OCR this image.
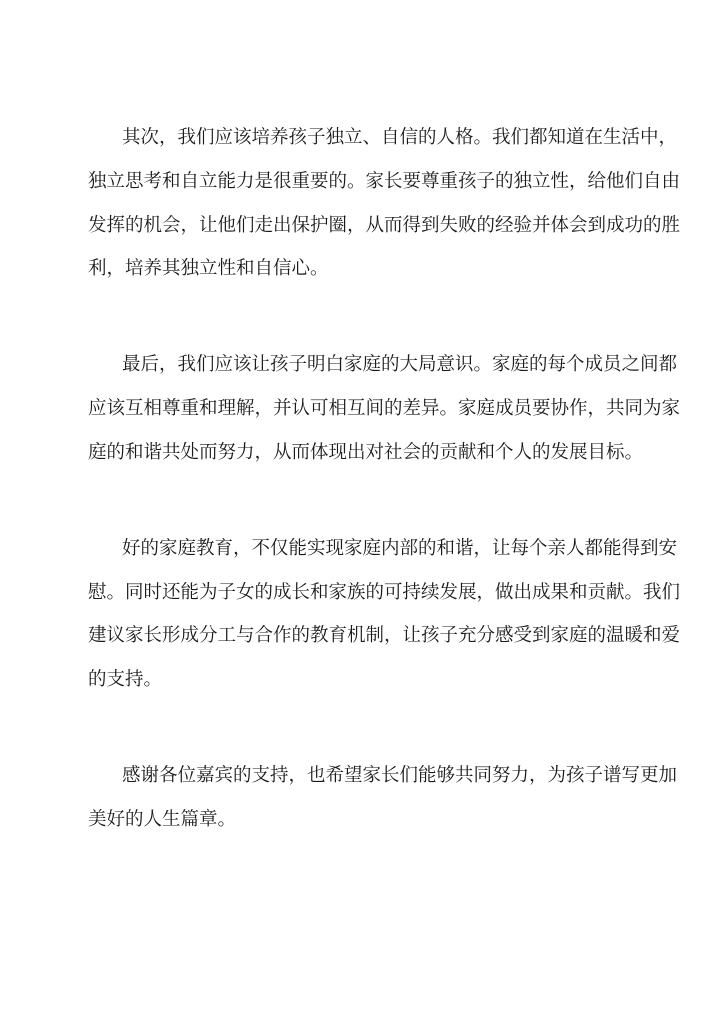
其次，我们应该培养孩子独立、自信的人格。我们都知道在生活中，
独立思考和自立能力是很重要的。家长要尊重孩子的独立性，给他们自由
发挥的机会，让他们走出保护圈，从而得到失败的经验并体会到成功的胜
利，培养其独立性和自信心。
最后，我们应该让孩子明白家庭的大局意识。家庭的每个成员之间都
应该互相尊重和理解，并认可相互间的差异。家庭成员要协作，共同为家
庭的和谐共处而努力，从而体现出对社会的贡献和个人的发展目标。
好的家庭教育，不仅能实现家庭内部的和谐，让每个亲人都能得到安
慰。同时还能为子女的成长和家族的可持续发展，做出成果和贡献。我们
建议家长形成分工与合作的教育机制，让孩子充分感受到家庭的温暖和爱
的支持。
感谢各位嘉宾的支持，也希望家长们能够共同努力，为孩子谱写更加
美好的人生篇章。
